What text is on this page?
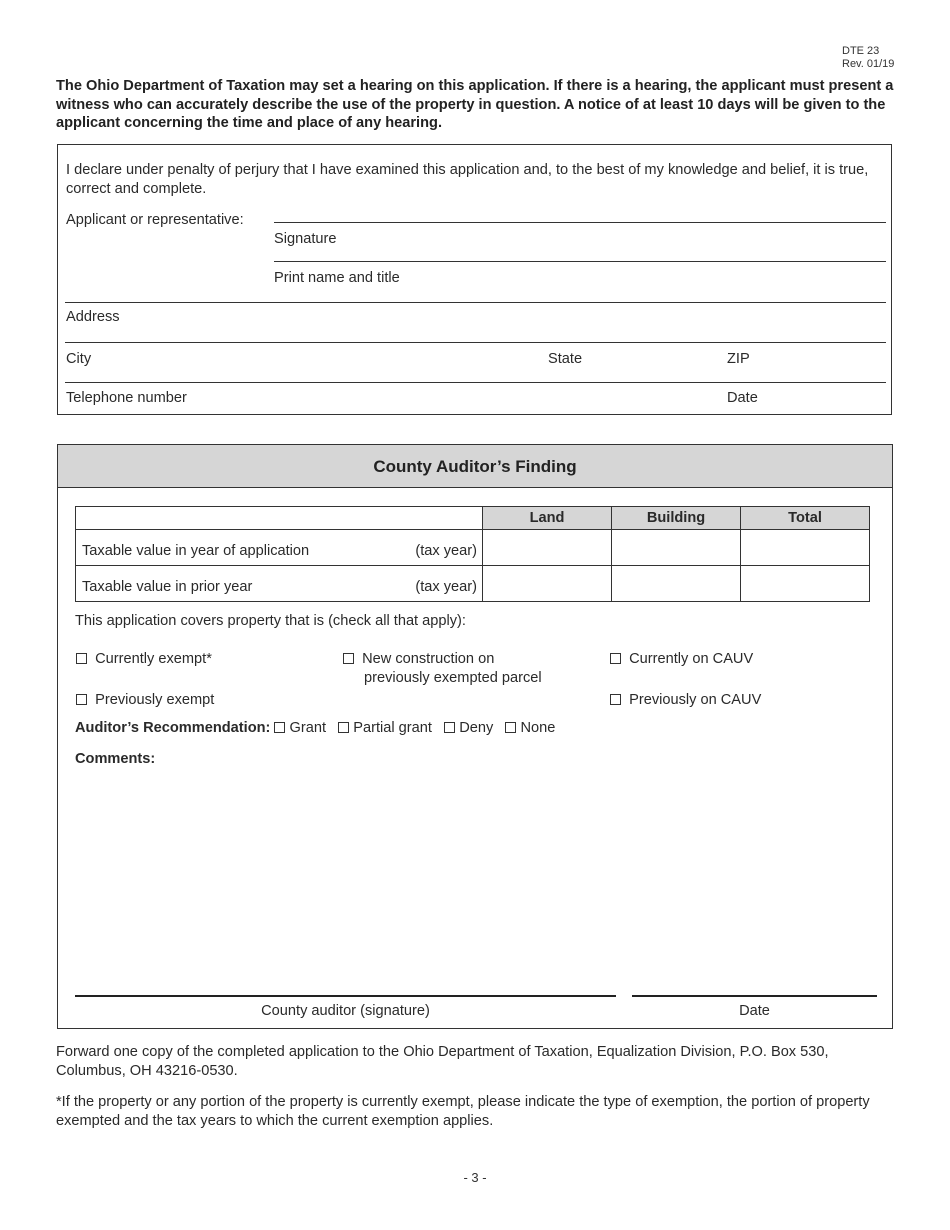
DTE 23
Rev. 01/19
The Ohio Department of Taxation may set a hearing on this application. If there is a hearing, the applicant must present a witness who can accurately describe the use of the property in question. A notice of at least 10 days will be given to the applicant concerning the time and place of any hearing.
I declare under penalty of perjury that I have examined this application and, to the best of my knowledge and belief, it is true, correct and complete.
Applicant or representative:
Signature
Print name and title
Address
City	State	ZIP
Telephone number	Date
County Auditor’s Finding
	Land	Building	Total

Taxable value in year of application (tax year)			

Taxable value in prior year (tax year)			

This application covers property that is (check all that apply):
Currently exempt*	New construction on
previously exempted parcel
Currently on CAUV
Previously exempt	Previously on CAUV
Auditor’s Recommendation: Grant Partial grant Deny None
Comments:
County auditor (signature)	Date
Forward one copy of the completed application to the Ohio Department of Taxation, Equalization Division, P.O. Box 530, Columbus, OH 43216-0530.
*If the property or any portion of the property is currently exempt, please indicate the type of exemption, the portion of property exempted and the tax years to which the current exemption applies.
- 3 -
